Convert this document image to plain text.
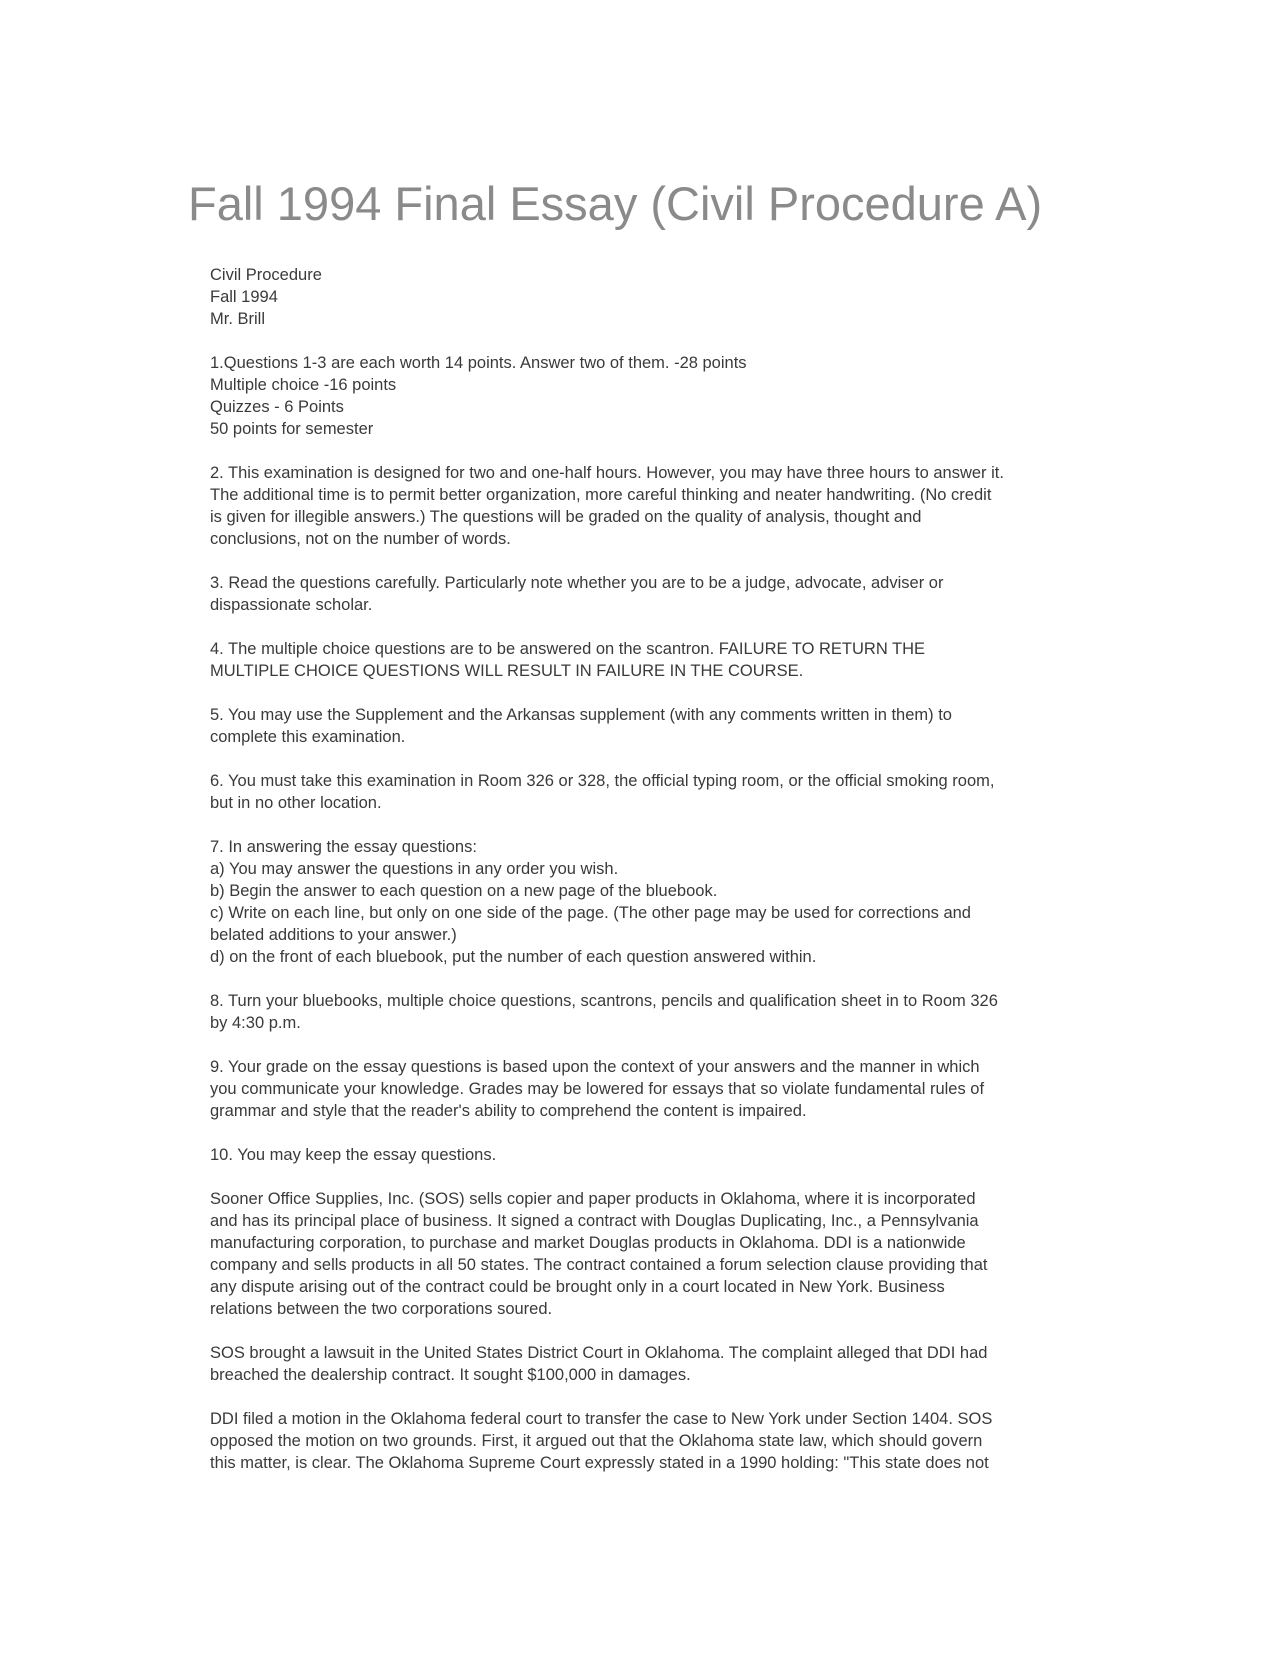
Fall 1994 Final Essay (Civil Procedure A)
Civil Procedure
Fall 1994
Mr. Brill
1.Questions 1-3 are each worth 14 points. Answer two of them. -28 points
Multiple choice -16 points
Quizzes - 6 Points
50 points for semester
2. This examination is designed for two and one-half hours. However, you may have three hours to answer it.
The additional time is to permit better organization, more careful thinking and neater handwriting. (No credit
is given for illegible answers.) The questions will be graded on the quality of analysis, thought and
conclusions, not on the number of words.
3. Read the questions carefully. Particularly note whether you are to be a judge, advocate, adviser or
dispassionate scholar.
4. The multiple choice questions are to be answered on the scantron. FAILURE TO RETURN THE
MULTIPLE CHOICE QUESTIONS WILL RESULT IN FAILURE IN THE COURSE.
5. You may use the Supplement and the Arkansas supplement (with any comments written in them) to
complete this examination.
6. You must take this examination in Room 326 or 328, the official typing room, or the official smoking room,
but in no other location.
7. In answering the essay questions:
a) You may answer the questions in any order you wish.
b) Begin the answer to each question on a new page of the bluebook.
c) Write on each line, but only on one side of the page. (The other page may be used for corrections and
belated additions to your answer.)
d) on the front of each bluebook, put the number of each question answered within.
8. Turn your bluebooks, multiple choice questions, scantrons, pencils and qualification sheet in to Room 326
by 4:30 p.m.
9. Your grade on the essay questions is based upon the context of your answers and the manner in which
you communicate your knowledge. Grades may be lowered for essays that so violate fundamental rules of
grammar and style that the reader's ability to comprehend the content is impaired.
10. You may keep the essay questions.
Sooner Office Supplies, Inc. (SOS) sells copier and paper products in Oklahoma, where it is incorporated
and has its principal place of business. It signed a contract with Douglas Duplicating, Inc., a Pennsylvania
manufacturing corporation, to purchase and market Douglas products in Oklahoma. DDI is a nationwide
company and sells products in all 50 states. The contract contained a forum selection clause providing that
any dispute arising out of the contract could be brought only in a court located in New York. Business
relations between the two corporations soured.
SOS brought a lawsuit in the United States District Court in Oklahoma. The complaint alleged that DDI had
breached the dealership contract. It sought $100,000 in damages.
DDI filed a motion in the Oklahoma federal court to transfer the case to New York under Section 1404. SOS
opposed the motion on two grounds. First, it argued out that the Oklahoma state law, which should govern
this matter, is clear. The Oklahoma Supreme Court expressly stated in a 1990 holding: "This state does not
